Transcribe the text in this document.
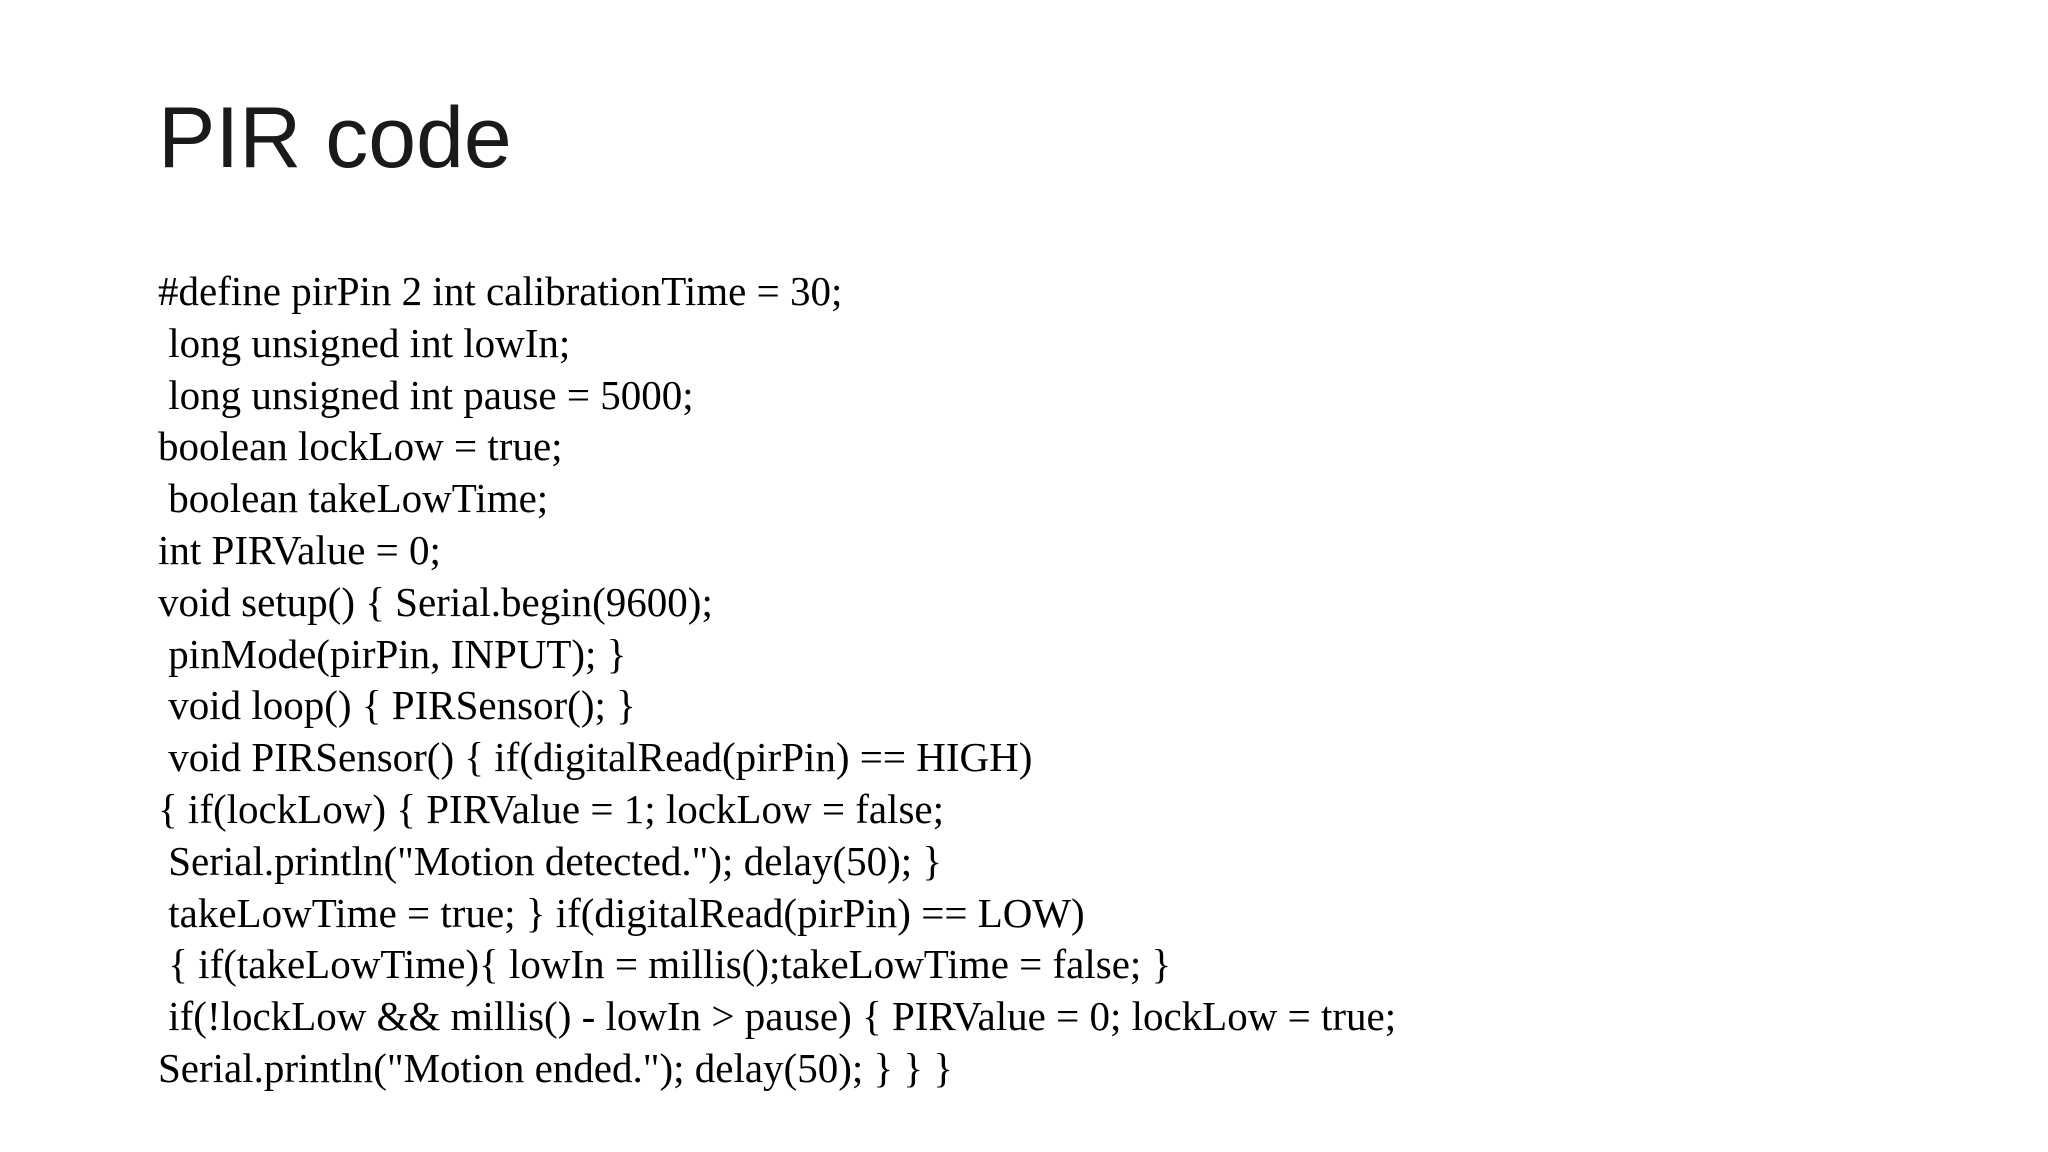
PIR code
#define pirPin 2 int calibrationTime = 30;
long unsigned int lowIn;
long unsigned int pause = 5000;
boolean lockLow = true;
boolean takeLowTime;
int PIRValue = 0;
void setup() { Serial.begin(9600);
pinMode(pirPin, INPUT); }
void loop() { PIRSensor(); }
void PIRSensor() { if(digitalRead(pirPin) == HIGH)
{ if(lockLow) { PIRValue = 1; lockLow = false;
Serial.println("Motion detected."); delay(50); }
takeLowTime = true; } if(digitalRead(pirPin) == LOW)
{ if(takeLowTime){ lowIn = millis();takeLowTime = false; }
if(!lockLow && millis() - lowIn > pause) { PIRValue = 0; lockLow = true;
Serial.println("Motion ended."); delay(50); } } }
